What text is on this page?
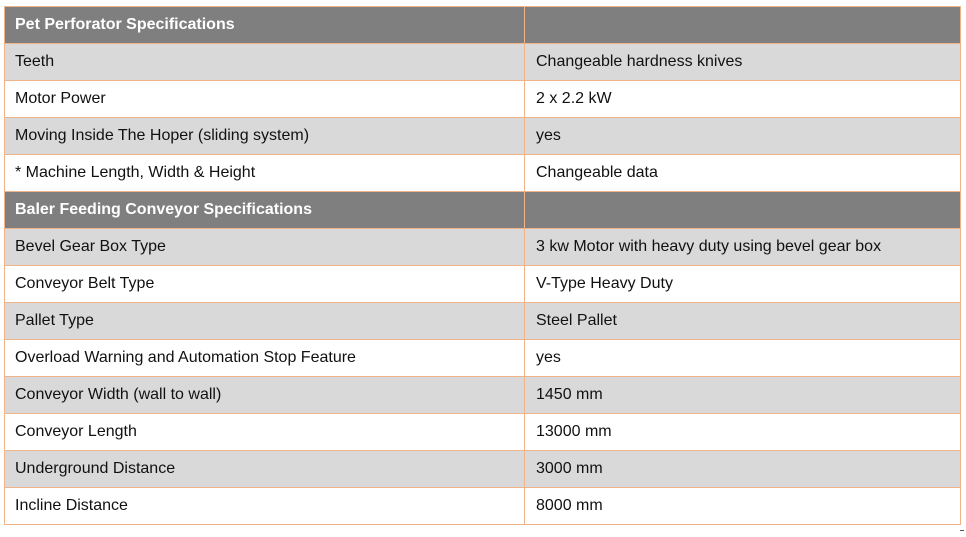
Pet Perforator Specifications	
Teeth	Changeable hardness knives
Motor Power	2 x 2.2 kW
Moving Inside The Hoper (sliding system)	yes
* Machine Length, Width & Height	Changeable data
Baler Feeding Conveyor Specifications	
Bevel Gear Box Type	3 kw Motor with heavy duty using bevel gear box
Conveyor Belt Type	V-Type Heavy Duty
Pallet Type	Steel Pallet
Overload Warning and Automation Stop Feature	yes
Conveyor Width (wall to wall)	1450 mm
Conveyor Length	13000 mm
Underground Distance	3000 mm
Incline Distance	8000 mm
